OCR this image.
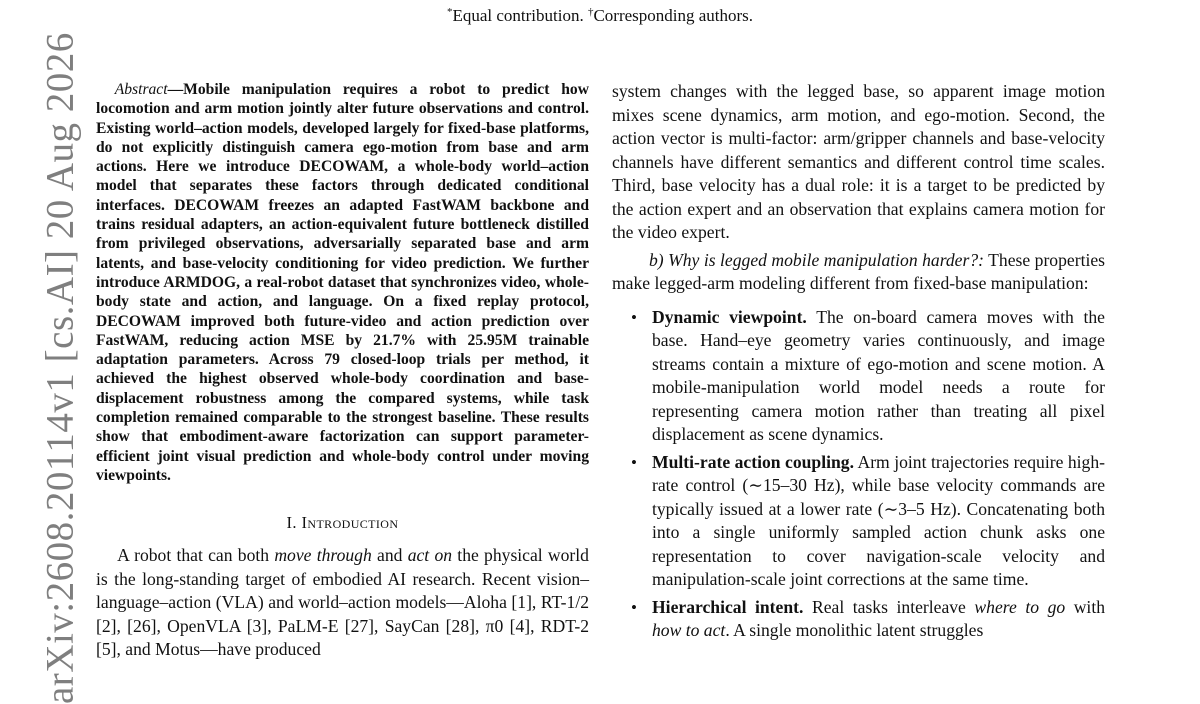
arXiv:2608.20114v1 [cs.AI] 20 Aug 2026
*Equal contribution. †Corresponding authors.

Abstract—Mobile manipulation requires a robot to predict how locomotion and arm motion jointly alter future observations and control. Existing world–action models, developed largely for fixed-base platforms, do not explicitly distinguish camera ego-motion from base and arm actions. Here we introduce DECOWAM, a whole-body world–action model that separates these factors through dedicated conditional interfaces. DECOWAM freezes an adapted FastWAM backbone and trains residual adapters, an action-equivalent future bottleneck distilled from privileged observations, adversarially separated base and arm latents, and base-velocity conditioning for video prediction. We further introduce ARMDOG, a real-robot dataset that synchronizes video, whole-body state and action, and language. On a fixed replay protocol, DECOWAM improved both future-video and action prediction over FastWAM, reducing action MSE by 21.7% with 25.95M trainable adaptation parameters. Across 79 closed-loop trials per method, it achieved the highest observed whole-body coordination and base-displacement robustness among the compared systems, while task completion remained comparable to the strongest baseline. These results show that embodiment-aware factorization can support parameter-efficient joint visual prediction and whole-body control under moving viewpoints.

I. Introduction

A robot that can both move through and act on the physical world is the long-standing target of embodied AI research. Recent vision–language–action (VLA) and world–action models—Aloha [1], RT-1/2 [2], [26], OpenVLA [3], PaLM-E [27], SayCan [28], π0 [4], RDT-2 [5], and Motus—have produced

system changes with the legged base, so apparent image motion mixes scene dynamics, arm motion, and ego-motion. Second, the action vector is multi-factor: arm/gripper channels and base-velocity channels have different semantics and different control time scales. Third, base velocity has a dual role: it is a target to be predicted by the action expert and an observation that explains camera motion for the video expert.

b) Why is legged mobile manipulation harder?: These properties make legged-arm modeling different from fixed-base manipulation:

• Dynamic viewpoint. The on-board camera moves with the base. Hand–eye geometry varies continuously, and image streams contain a mixture of ego-motion and scene motion. A mobile-manipulation world model needs a route for representing camera motion rather than treating all pixel displacement as scene dynamics.
• Multi-rate action coupling. Arm joint trajectories require high-rate control (∼15–30 Hz), while base velocity commands are typically issued at a lower rate (∼3–5 Hz). Concatenating both into a single uniformly sampled action chunk asks one representation to cover navigation-scale velocity and manipulation-scale joint corrections at the same time.
• Hierarchical intent. Real tasks interleave where to go with how to act. A single monolithic latent struggles
